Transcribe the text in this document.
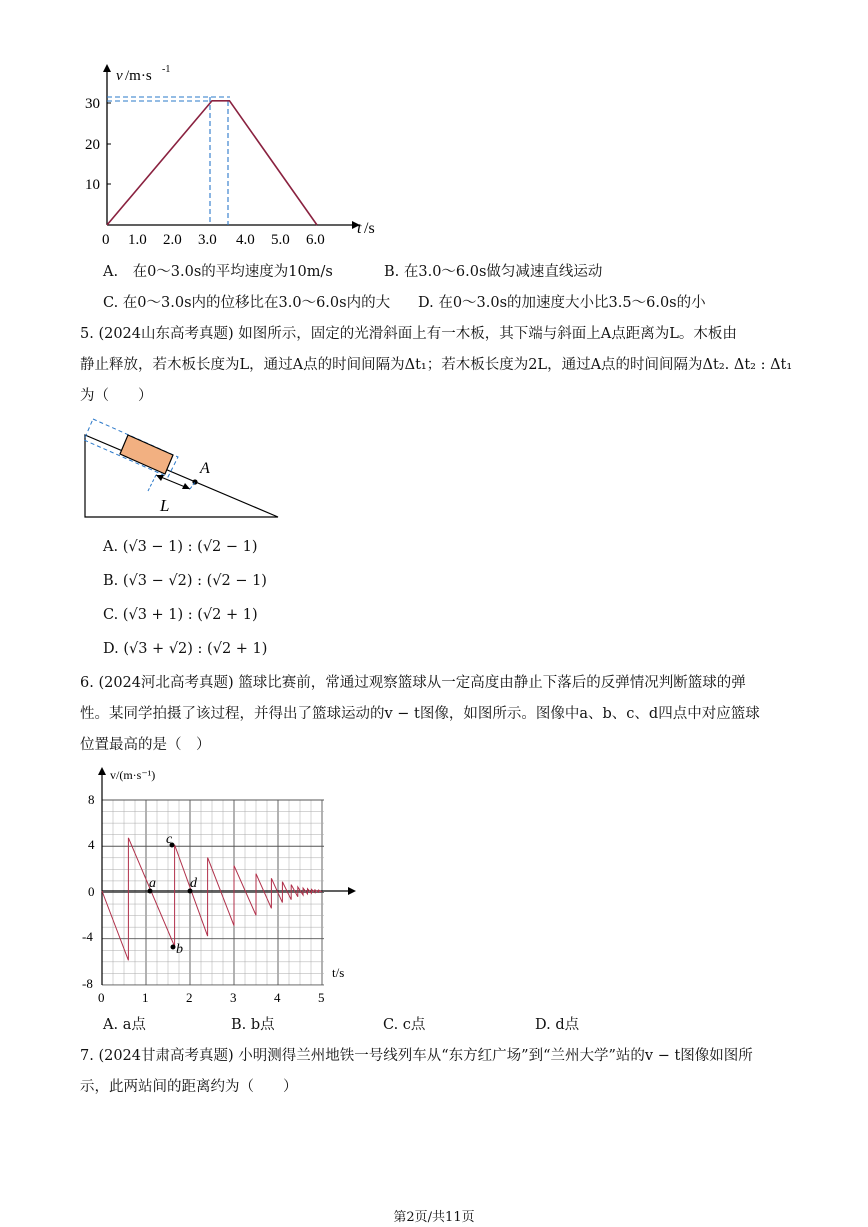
v /m·s -1
30
20
10
0 1.0 2.0 3.0 4.0 5.0 6.0
t /s
A.　在0～3.0s的平均速度为10m/s	B. 在3.0～6.0s做匀减速直线运动
C. 在0～3.0s内的位移比在3.0～6.0s内的大 D. 在0～3.0s的加速度大小比3.5～6.0s的小
5. (2024山东高考真题) 如图所示，固定的光滑斜面上有一木板，其下端与斜面上A点距离为L。木板由
静止释放，若木板长度为L，通过A点的时间间隔为Δt₁；若木板长度为2L，通过A点的时间间隔为Δt₂. Δt₂ : Δt₁
为（　　）
A
L
A. (√3 − 1) : (√2 − 1)
B. (√3 − √2) : (√2 − 1)
C. (√3 + 1) : (√2 + 1)
D. (√3 + √2) : (√2 + 1)
6. (2024河北高考真题) 篮球比赛前，常通过观察篮球从一定高度由静止下落后的反弹情况判断篮球的弹
性。某同学拍摄了该过程，并得出了篮球运动的v − t图像，如图所示。图像中a、b、c、d四点中对应篮球
位置最高的是（　）
v/(m·s⁻¹)
t/s
8
4
0
-4
-8
0	1	2	3	4	5
a
b
c
d
A. a点	B. b点	C. c点	D. d点
7. (2024甘肃高考真题) 小明测得兰州地铁一号线列车从“东方红广场”到“兰州大学”站的v − t图像如图所
示，此两站间的距离约为（　　）
第2页/共11页
